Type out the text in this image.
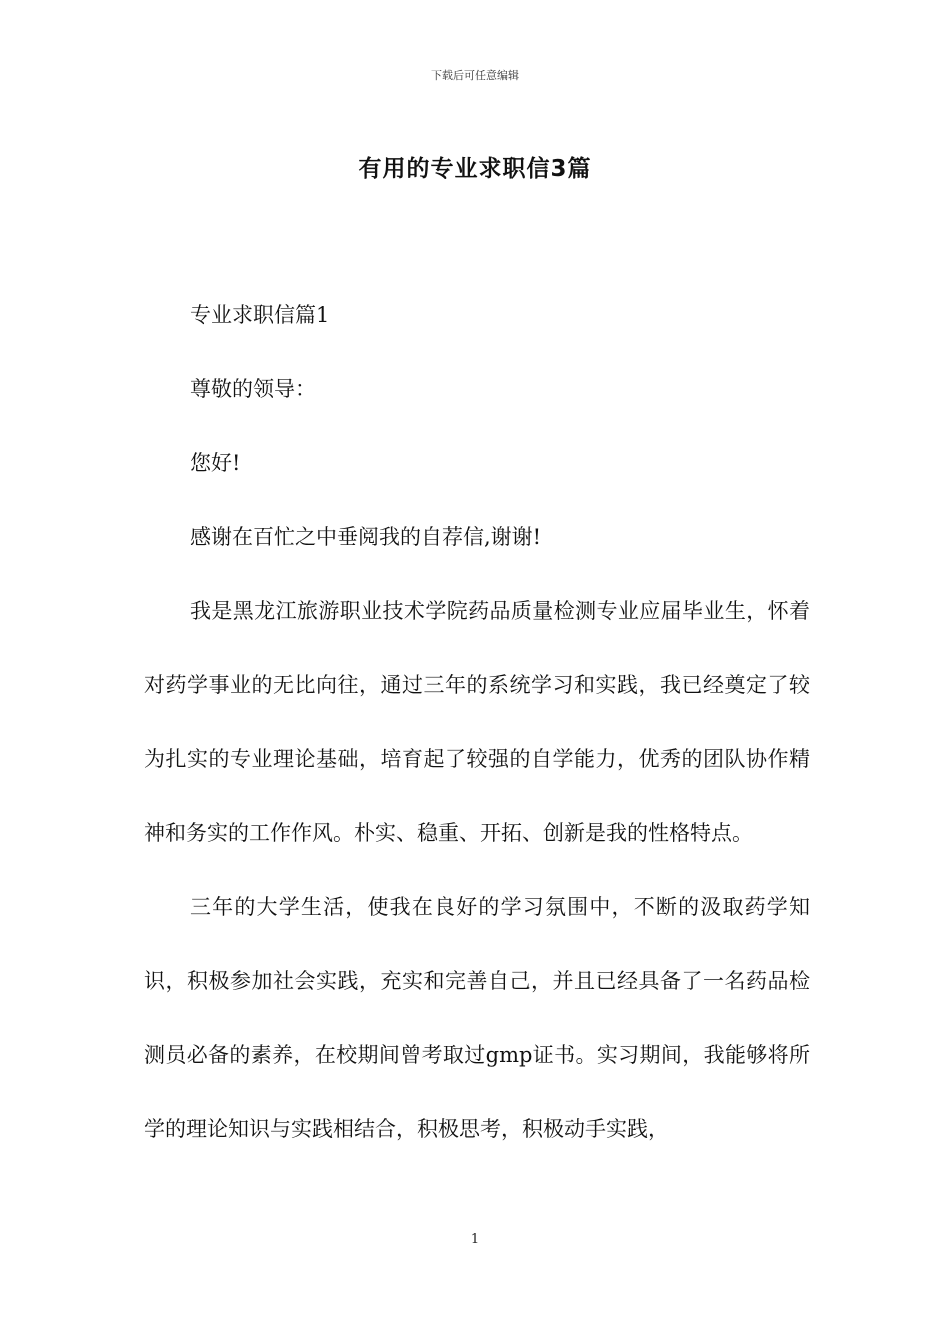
下载后可任意编辑
有用的专业求职信3篇

专业求职信篇1

尊敬的领导：

您好!

感谢在百忙之中垂阅我的自荐信,谢谢!

我是黑龙江旅游职业技术学院药品质量检测专业应届毕业生，怀着对药学事业的无比向往，通过三年的系统学习和实践，我已经奠定了较为扎实的专业理论基础，培育起了较强的自学能力，优秀的团队协作精神和务实的工作作风。朴实、稳重、开拓、创新是我的性格特点。

三年的大学生活，使我在良好的学习氛围中，不断的汲取药学知识，积极参加社会实践，充实和完善自己，并且已经具备了一名药品检测员必备的素养，在校期间曾考取过gmp证书。实习期间，我能够将所学的理论知识与实践相结合，积极思考，积极动手实践，

1
